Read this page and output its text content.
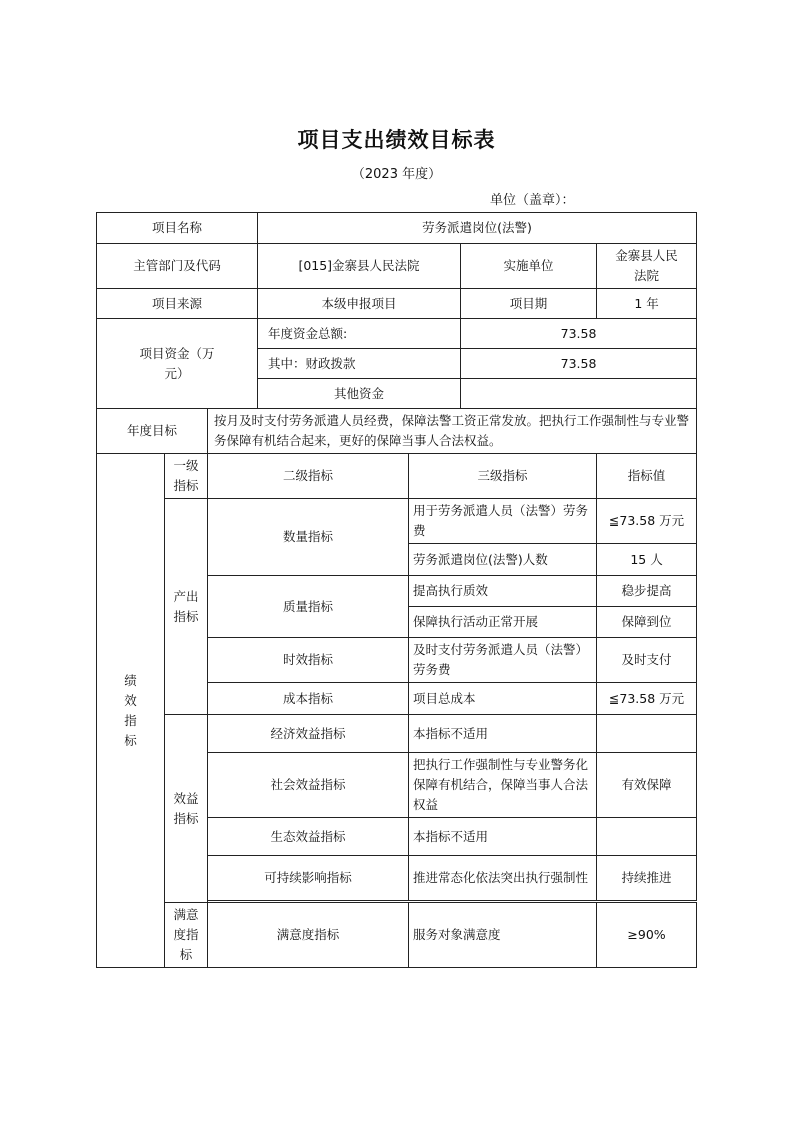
项目支出绩效目标表
（2023 年度）
单位（盖章）：
项目名称			劳务派遣岗位(法警)			
主管部门及代码			[015]金寨县人民法院		实施单位	金寨县人民法院
项目来源			本级申报项目		项目期	1 年
项目资金（万元）			年度资金总额:		73.58	
			其中：财政拨款		73.58	
			其他资金			
年度目标		按月及时支付劳务派遣人员经费，保障法警工资正常发放。把执行工作强制性与专业警务保障有机结合起来，更好的保障当事人合法权益。				
绩效指标	一级指标	二级指标		三级指标		指标值
	产出指标	数量指标		用于劳务派遣人员（法警）劳务费		≦73.58 万元
				劳务派遣岗位(法警)人数		15 人
		质量指标		提高执行质效		稳步提高
				保障执行活动正常开展		保障到位
		时效指标		及时支付劳务派遣人员（法警）劳务费		及时支付
		成本指标		项目总成本		≦73.58 万元
	效益指标	经济效益指标		本指标不适用		
		社会效益指标		把执行工作强制性与专业警务化保障有机结合，保障当事人合法权益		有效保障
		生态效益指标		本指标不适用		
		可持续影响指标		推进常态化依法突出执行强制性		持续推进

	满意度指标	满意度指标		服务对象满意度		≥90%
